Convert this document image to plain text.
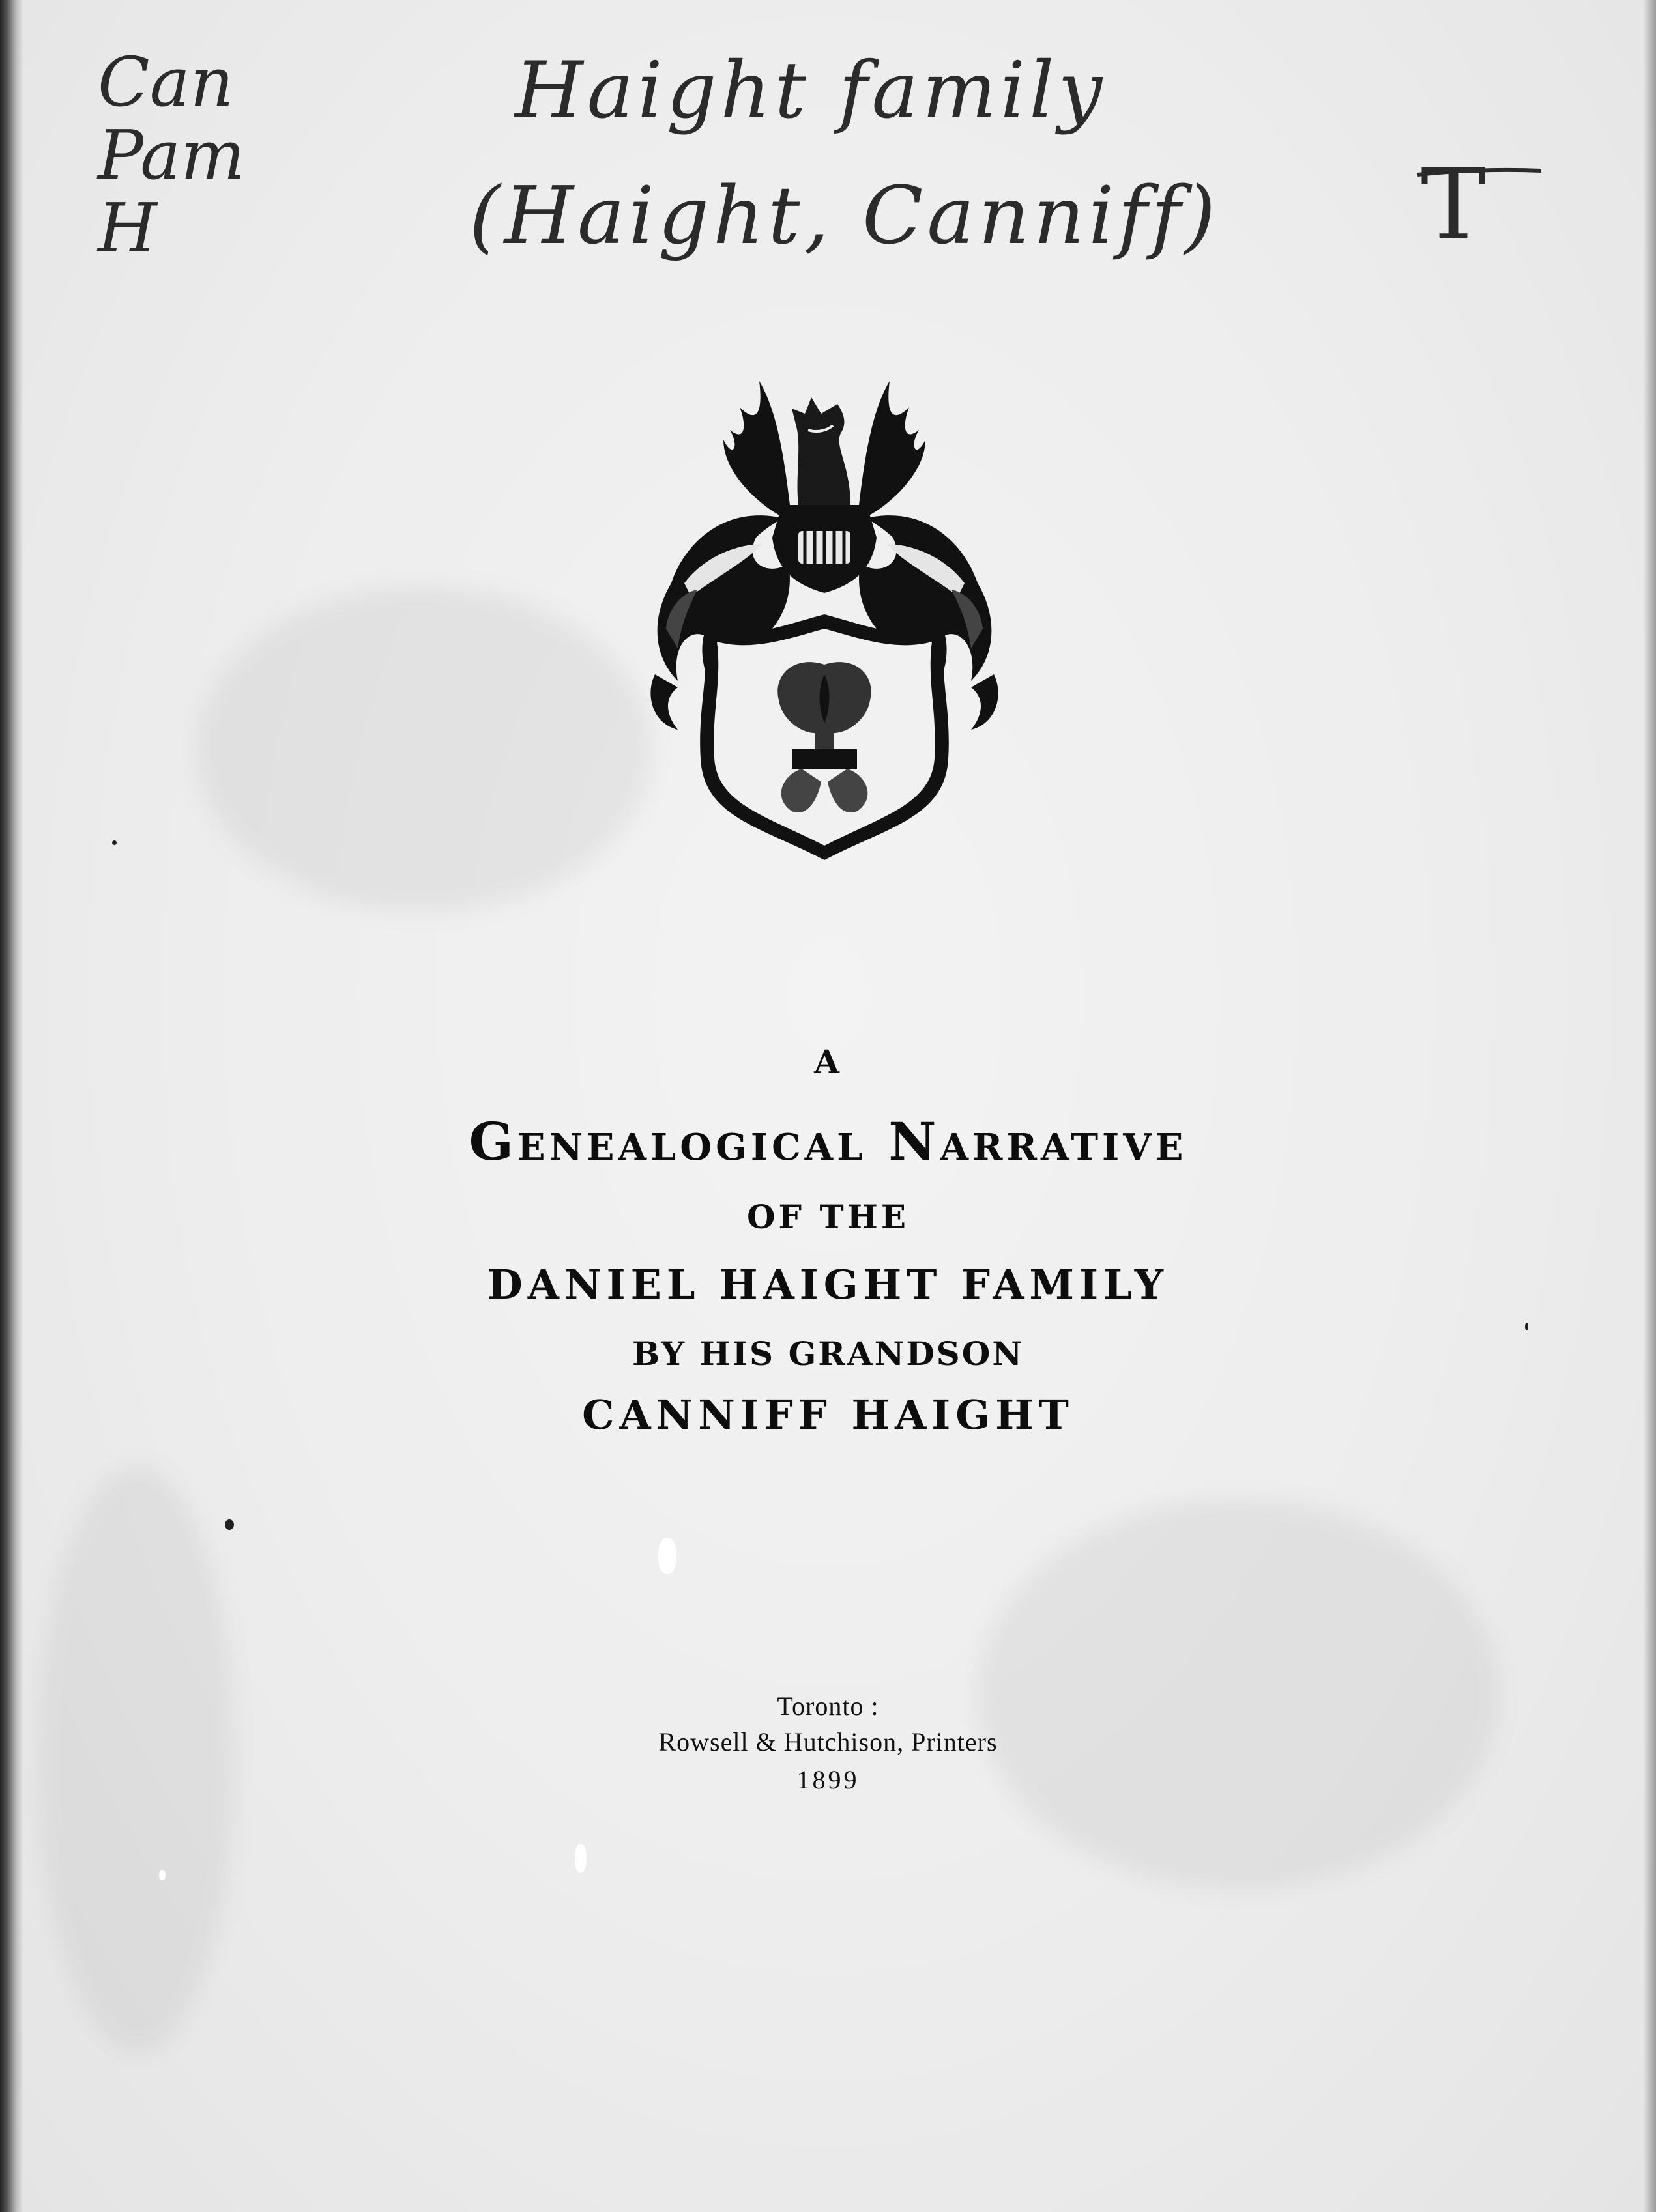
Can
Pam
H
Haight family
(Haight, Canniff) T
A
Genealogical Narrative
OF THE
DANIEL HAIGHT FAMILY
BY HIS GRANDSON
CANNIFF HAIGHT
Toronto :
Rowsell & Hutchison, Printers
1899
